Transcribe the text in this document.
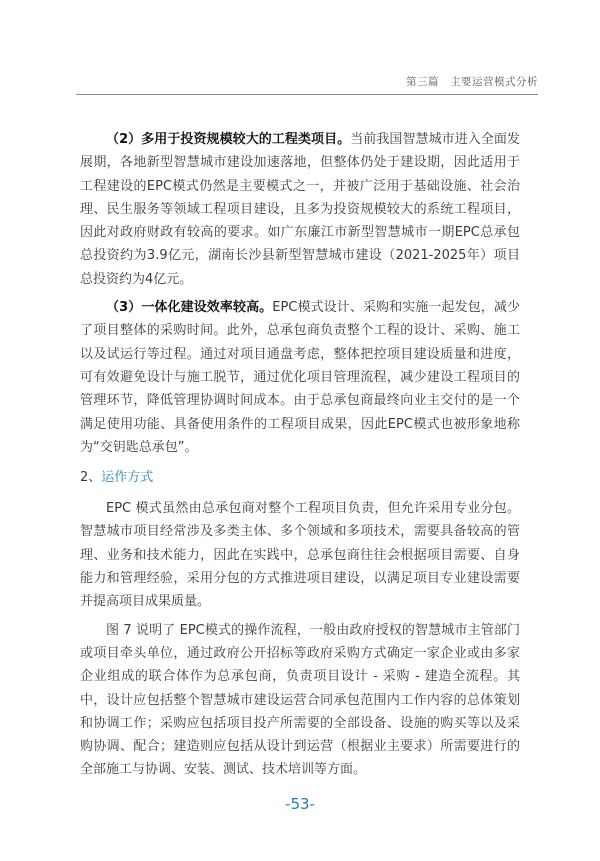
第三篇　主要运营模式分析

（2）多用于投资规模较大的工程类项目。当前我国智慧城市进入全面发展期，各地新型智慧城市建设加速落地，但整体仍处于建设期，因此适用于工程建设的EPC模式仍然是主要模式之一，并被广泛用于基础设施、社会治理、民生服务等领域工程项目建设，且多为投资规模较大的系统工程项目，因此对政府财政有较高的要求。如广东廉江市新型智慧城市一期EPC总承包总投资约为3.9亿元，湖南长沙县新型智慧城市建设（2021-2025年）项目总投资约为4亿元。

（3）一体化建设效率较高。EPC模式设计、采购和实施一起发包，减少了项目整体的采购时间。此外，总承包商负责整个工程的设计、采购、施工以及试运行等过程。通过对项目通盘考虑，整体把控项目建设质量和进度，可有效避免设计与施工脱节，通过优化项目管理流程，减少建设工程项目的管理环节，降低管理协调时间成本。由于总承包商最终向业主交付的是一个满足使用功能、具备使用条件的工程项目成果，因此EPC模式也被形象地称为“交钥匙总承包”。

2、运作方式

EPC 模式虽然由总承包商对整个工程项目负责，但允许采用专业分包。智慧城市项目经常涉及多类主体、多个领域和多项技术，需要具备较高的管理、业务和技术能力，因此在实践中，总承包商往往会根据项目需要、自身能力和管理经验，采用分包的方式推进项目建设，以满足项目专业建设需要并提高项目成果质量。

图 7 说明了 EPC模式的操作流程，一般由政府授权的智慧城市主管部门或项目牵头单位，通过政府公开招标等政府采购方式确定一家企业或由多家企业组成的联合体作为总承包商，负责项目设计 - 采购 - 建造全流程。其中，设计应包括整个智慧城市建设运营合同承包范围内工作内容的总体策划和协调工作；采购应包括项目投产所需要的全部设备、设施的购买等以及采购协调、配合；建造则应包括从设计到运营（根据业主要求）所需要进行的全部施工与协调、安装、测试、技术培训等方面。

-53-
